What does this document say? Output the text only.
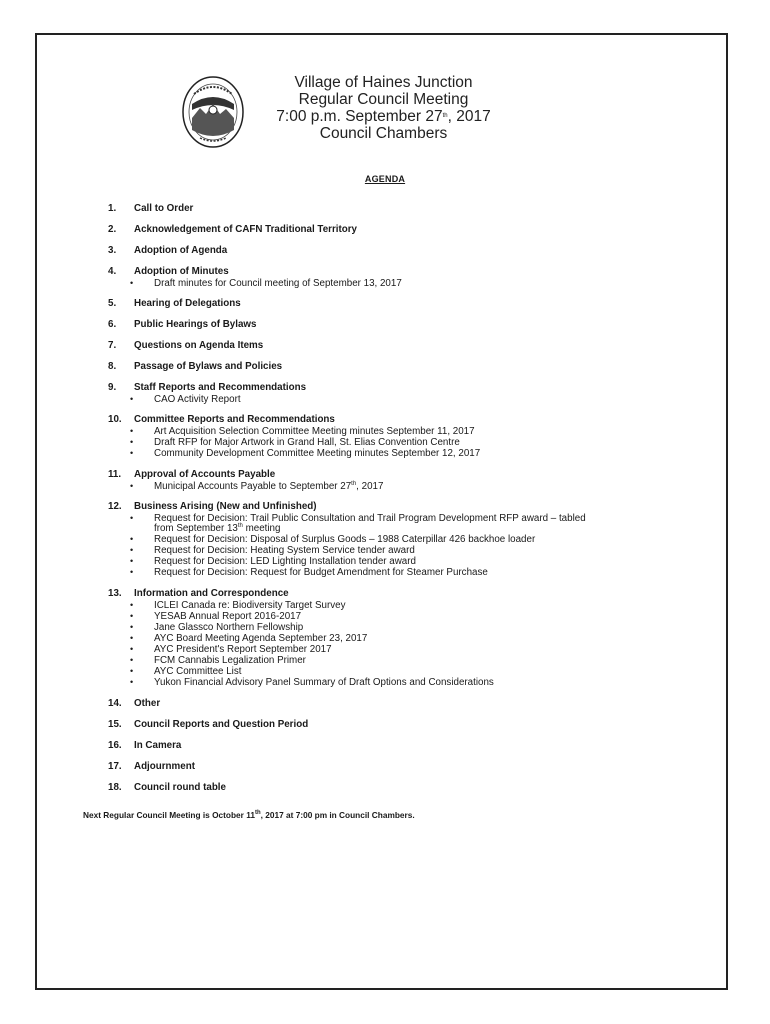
Village of Haines Junction
Regular Council Meeting
7:00 p.m. September 27th, 2017
Council Chambers
AGENDA
1. Call to Order
2. Acknowledgement of CAFN Traditional Territory
3. Adoption of Agenda
4. Adoption of Minutes
• Draft minutes for Council meeting of September 13, 2017
5. Hearing of Delegations
6. Public Hearings of Bylaws
7. Questions on Agenda Items
8. Passage of Bylaws and Policies
9. Staff Reports and Recommendations
• CAO Activity Report
10. Committee Reports and Recommendations
• Art Acquisition Selection Committee Meeting minutes September 11, 2017
• Draft RFP for Major Artwork in Grand Hall, St. Elias Convention Centre
• Community Development Committee Meeting minutes September 12, 2017
11. Approval of Accounts Payable
• Municipal Accounts Payable to September 27th, 2017
12. Business Arising (New and Unfinished)
• Request for Decision: Trail Public Consultation and Trail Program Development RFP award – tabled
from September 13th meeting
• Request for Decision: Disposal of Surplus Goods – 1988 Caterpillar 426 backhoe loader
• Request for Decision: Heating System Service tender award
• Request for Decision: LED Lighting Installation tender award
• Request for Decision: Request for Budget Amendment for Steamer Purchase
13. Information and Correspondence
• ICLEI Canada re: Biodiversity Target Survey
• YESAB Annual Report 2016-2017
• Jane Glassco Northern Fellowship
• AYC Board Meeting Agenda September 23, 2017
• AYC President's Report September 2017
• FCM Cannabis Legalization Primer
• AYC Committee List
• Yukon Financial Advisory Panel Summary of Draft Options and Considerations
14. Other
15. Council Reports and Question Period
16. In Camera
17. Adjournment
18. Council round table
Next Regular Council Meeting is October 11th, 2017 at 7:00 pm in Council Chambers.
